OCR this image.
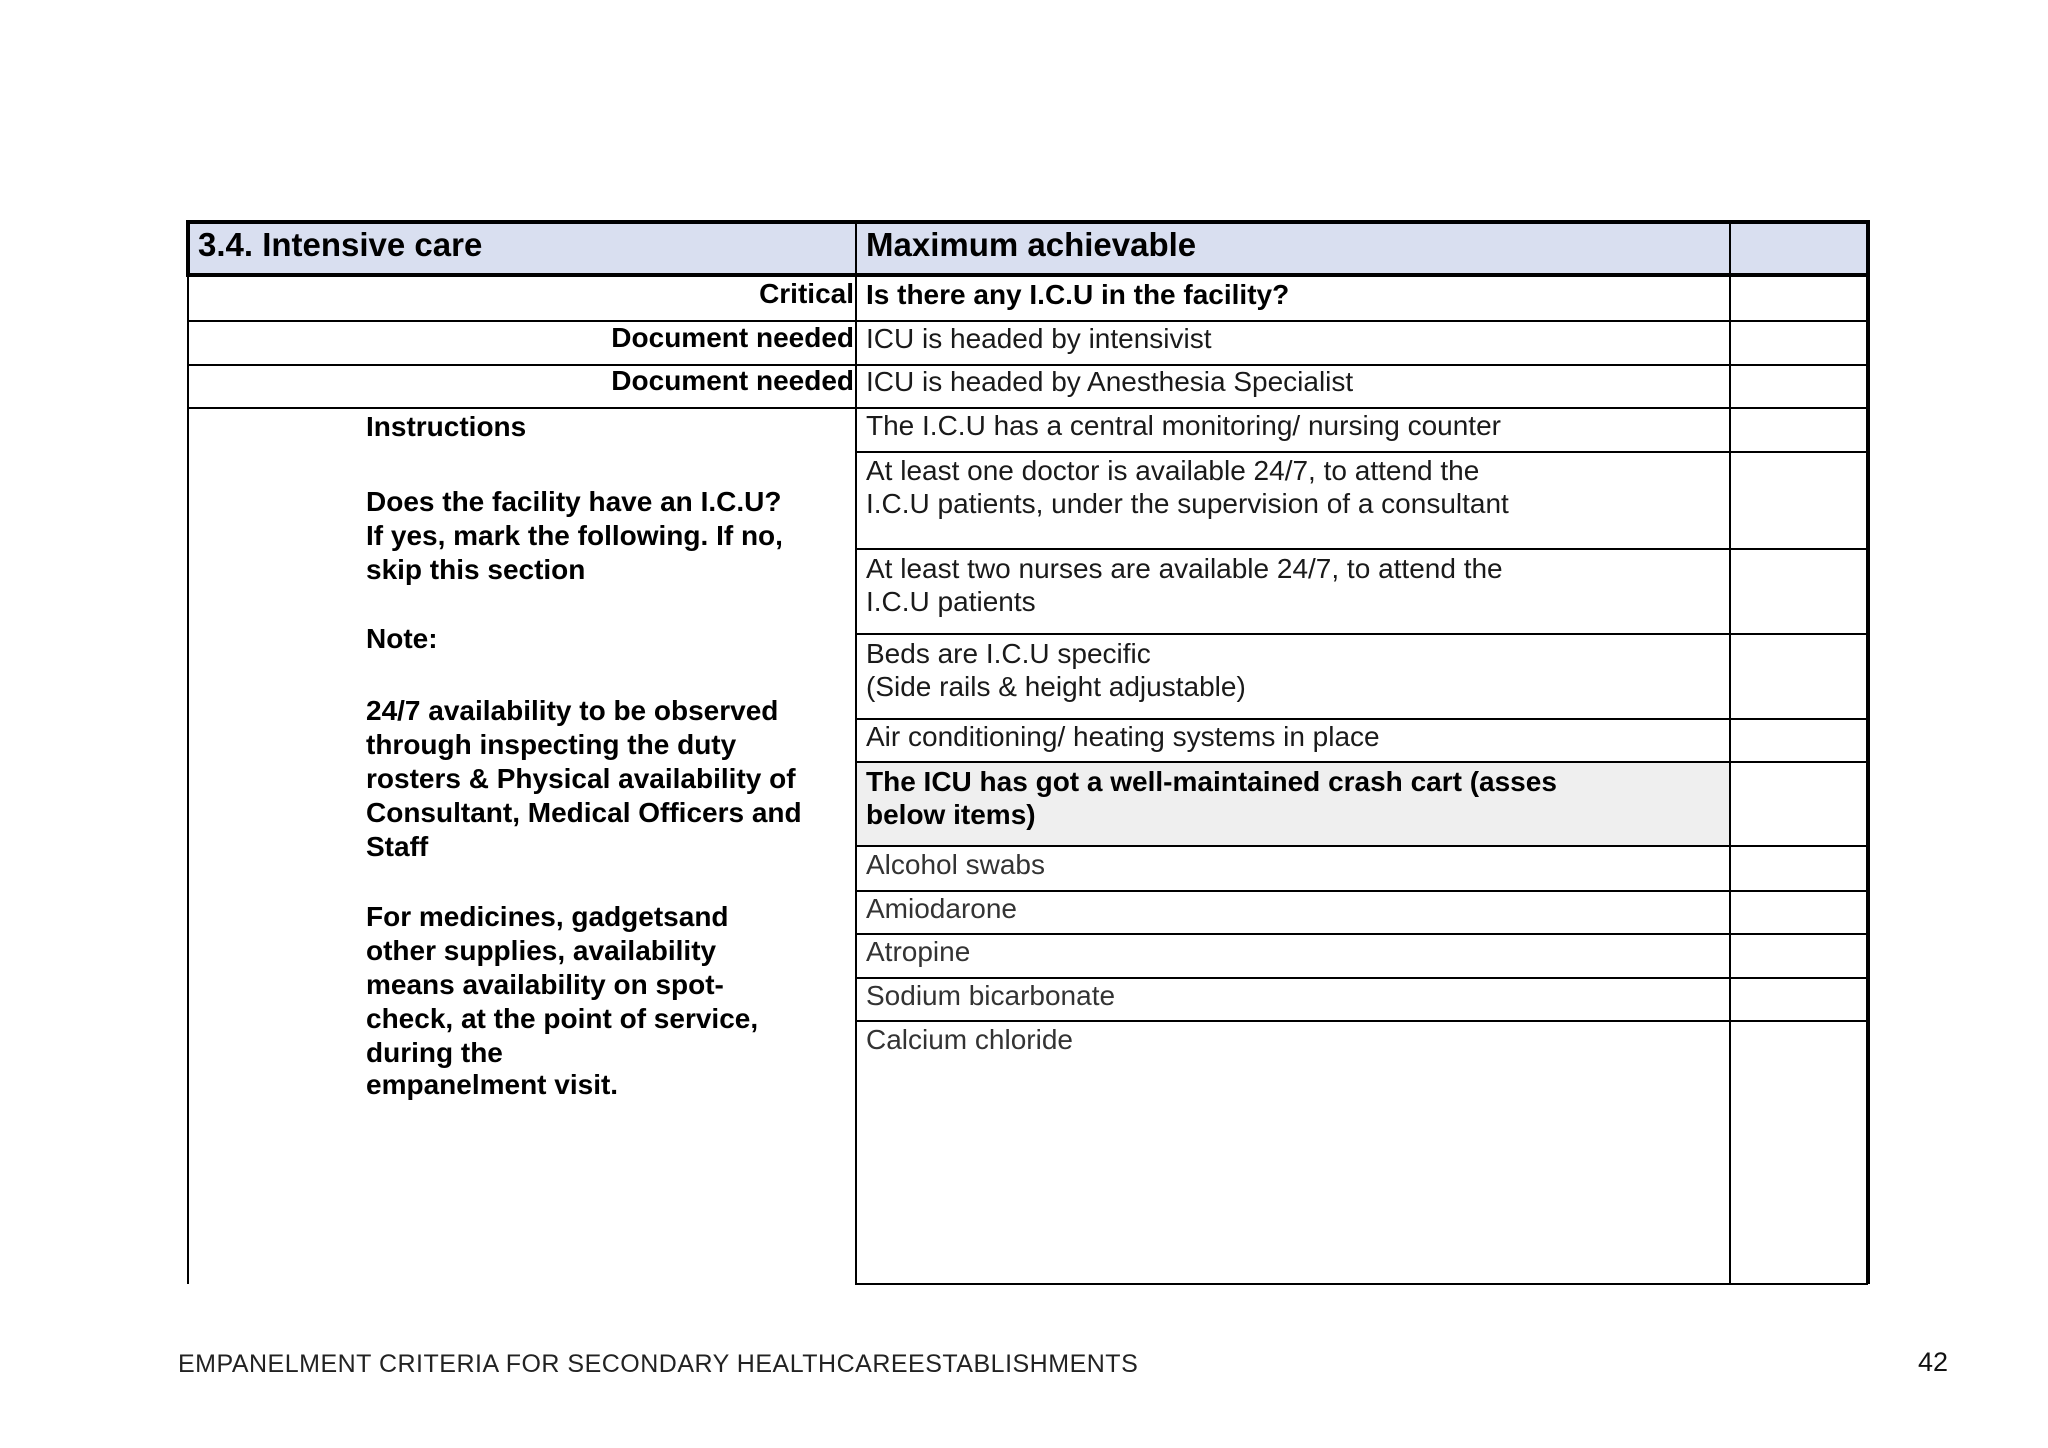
3.4. Intensive care	Maximum achievable
Critical
Document needed
Document needed
Is there any I.C.U in the facility?
ICU is headed by intensivist
ICU is headed by Anesthesia Specialist
The I.C.U has a central monitoring/ nursing counter
At least one doctor is available 24/7, to attend the
I.C.U patients, under the supervision of a consultant
At least two nurses are available 24/7, to attend the
I.C.U patients
Beds are I.C.U specific
(Side rails & height adjustable)
Air conditioning/ heating systems in place
The ICU has got a well-maintained crash cart (asses
below items)
Alcohol swabs
Amiodarone
Atropine
Sodium bicarbonate
Calcium chloride
Instructions
Does the facility have an I.C.U?
If yes, mark the following. If no,
skip this section
Note:
24/7 availability to be observed
through inspecting the duty
rosters & Physical availability of
Consultant, Medical Officers and
Staff
For medicines, gadgetsand
other supplies, availability
means availability on spot-
check, at the point of service,
during the
empanelment visit.
EMPANELMENT CRITERIA FOR SECONDARY HEALTHCAREESTABLISHMENTS	42
